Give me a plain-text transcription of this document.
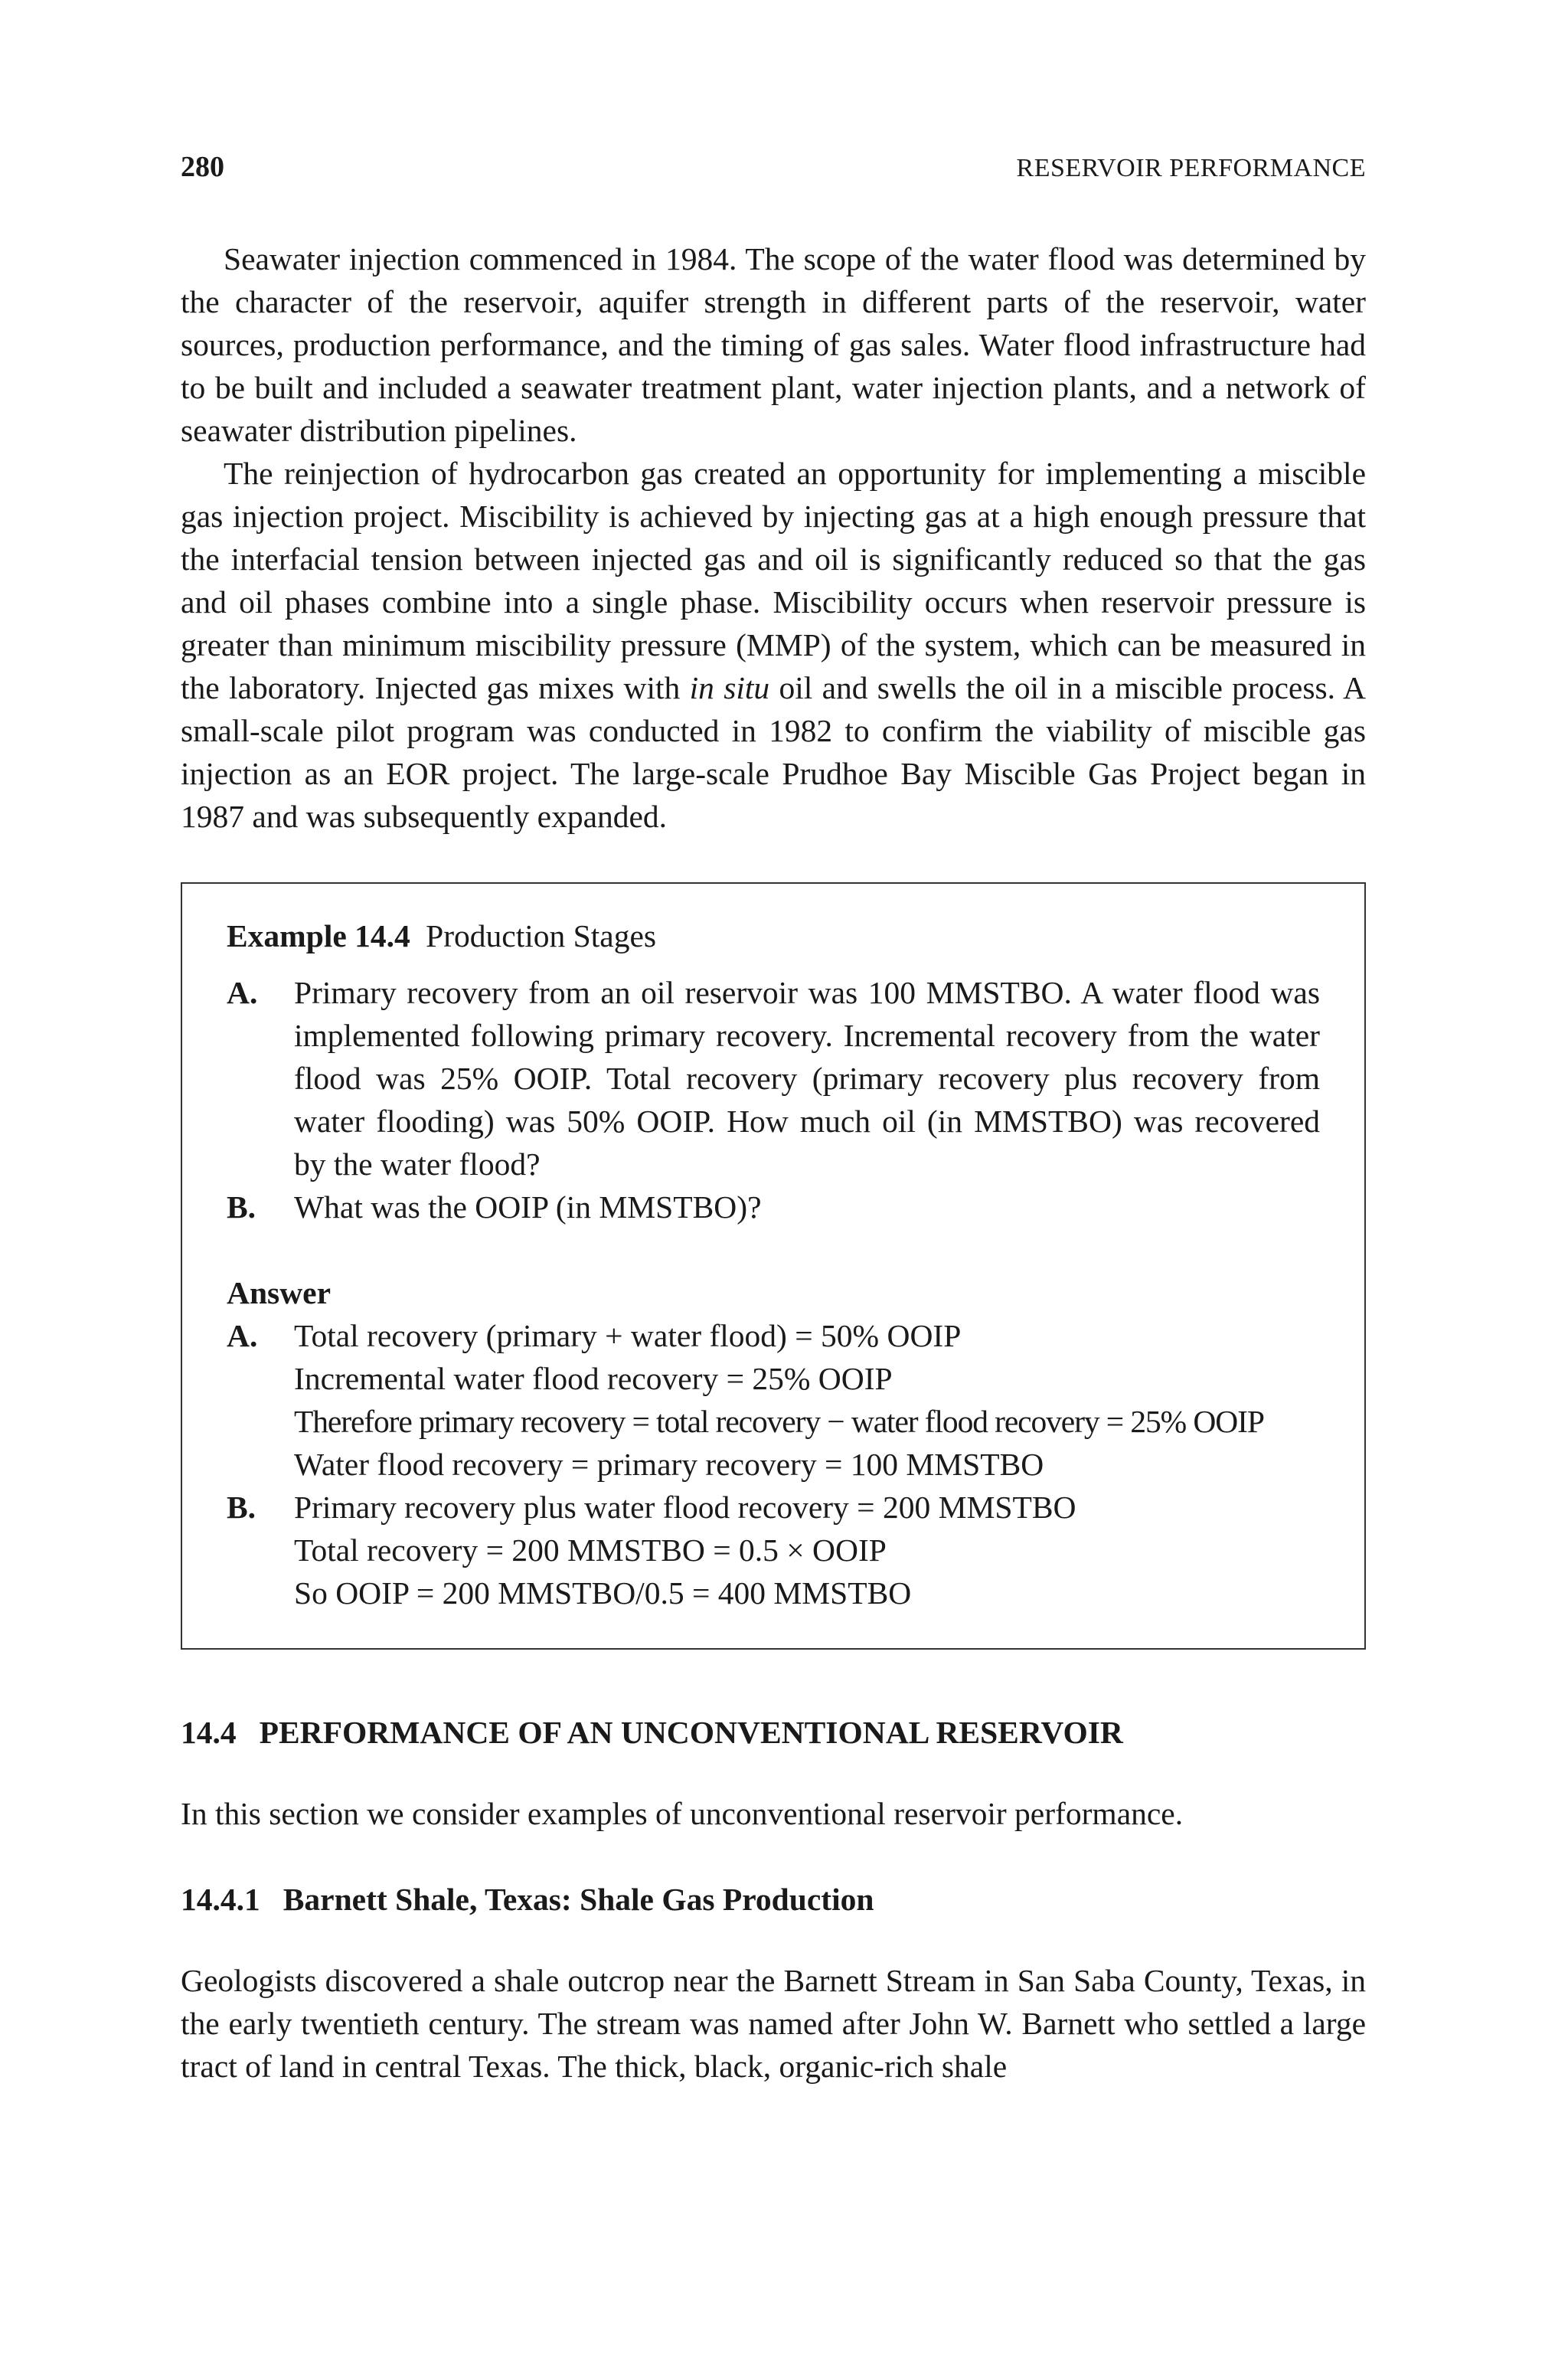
280	RESERVOIR PERFORMANCE

Seawater injection commenced in 1984. The scope of the water flood was determined by the character of the reservoir, aquifer strength in different parts of the reservoir, water sources, production performance, and the timing of gas sales. Water flood infrastructure had to be built and included a seawater treatment plant, water injection plants, and a network of seawater distribution pipelines.

The reinjection of hydrocarbon gas created an opportunity for implementing a miscible gas injection project. Miscibility is achieved by injecting gas at a high enough pressure that the interfacial tension between injected gas and oil is significantly reduced so that the gas and oil phases combine into a single phase. Miscibility occurs when reservoir pressure is greater than minimum miscibility pressure (MMP) of the system, which can be measured in the laboratory. Injected gas mixes with in situ oil and swells the oil in a miscible process. A small-scale pilot program was conducted in 1982 to confirm the viability of miscible gas injection as an EOR project. The large-scale Prudhoe Bay Miscible Gas Project began in 1987 and was subsequently expanded.

Example 14.4 Production Stages

A.	Primary recovery from an oil reservoir was 100 MMSTBO. A water flood was implemented following primary recovery. Incremental recovery from the water flood was 25% OOIP. Total recovery (primary recovery plus recovery from water flooding) was 50% OOIP. How much oil (in MMSTBO) was recovered by the water flood?
B.	What was the OOIP (in MMSTBO)?
Answer
A.	Total recovery (primary + water flood) = 50% OOIP
Incremental water flood recovery = 25% OOIP
Therefore primary recovery = total recovery − water flood recovery = 25% OOIP
Water flood recovery = primary recovery = 100 MMSTBO
B.	Primary recovery plus water flood recovery = 200 MMSTBO
Total recovery = 200 MMSTBO = 0.5 × OOIP
So OOIP = 200 MMSTBO/0.5 = 400 MMSTBO
14.4 PERFORMANCE OF AN UNCONVENTIONAL RESERVOIR

In this section we consider examples of unconventional reservoir performance.

14.4.1 Barnett Shale, Texas: Shale Gas Production

Geologists discovered a shale outcrop near the Barnett Stream in San Saba County, Texas, in the early twentieth century. The stream was named after John W. Barnett who settled a large tract of land in central Texas. The thick, black, organic-rich shale
